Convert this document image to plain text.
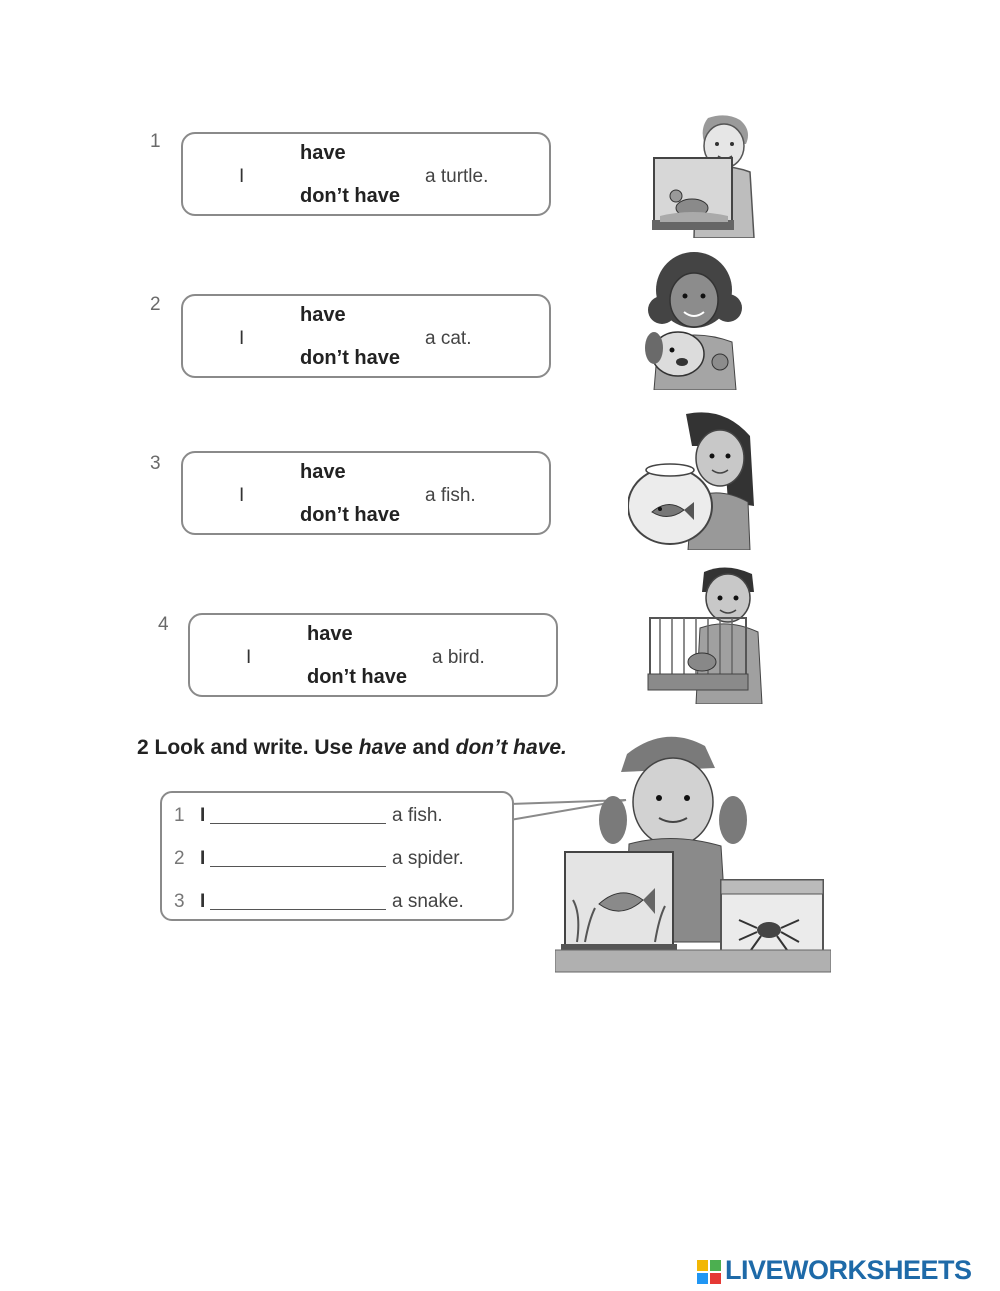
1
I
have
don’t have
a turtle.
2
I
have
don’t have
a cat.
3
I
have
don’t have
a fish.
4
I
have
don’t have
a bird.
2 Look and write. Use have and don’t have.
1 I	a fish.
2 I	a spider.
3 I	a snake.
LIVEWORKSHEETS
